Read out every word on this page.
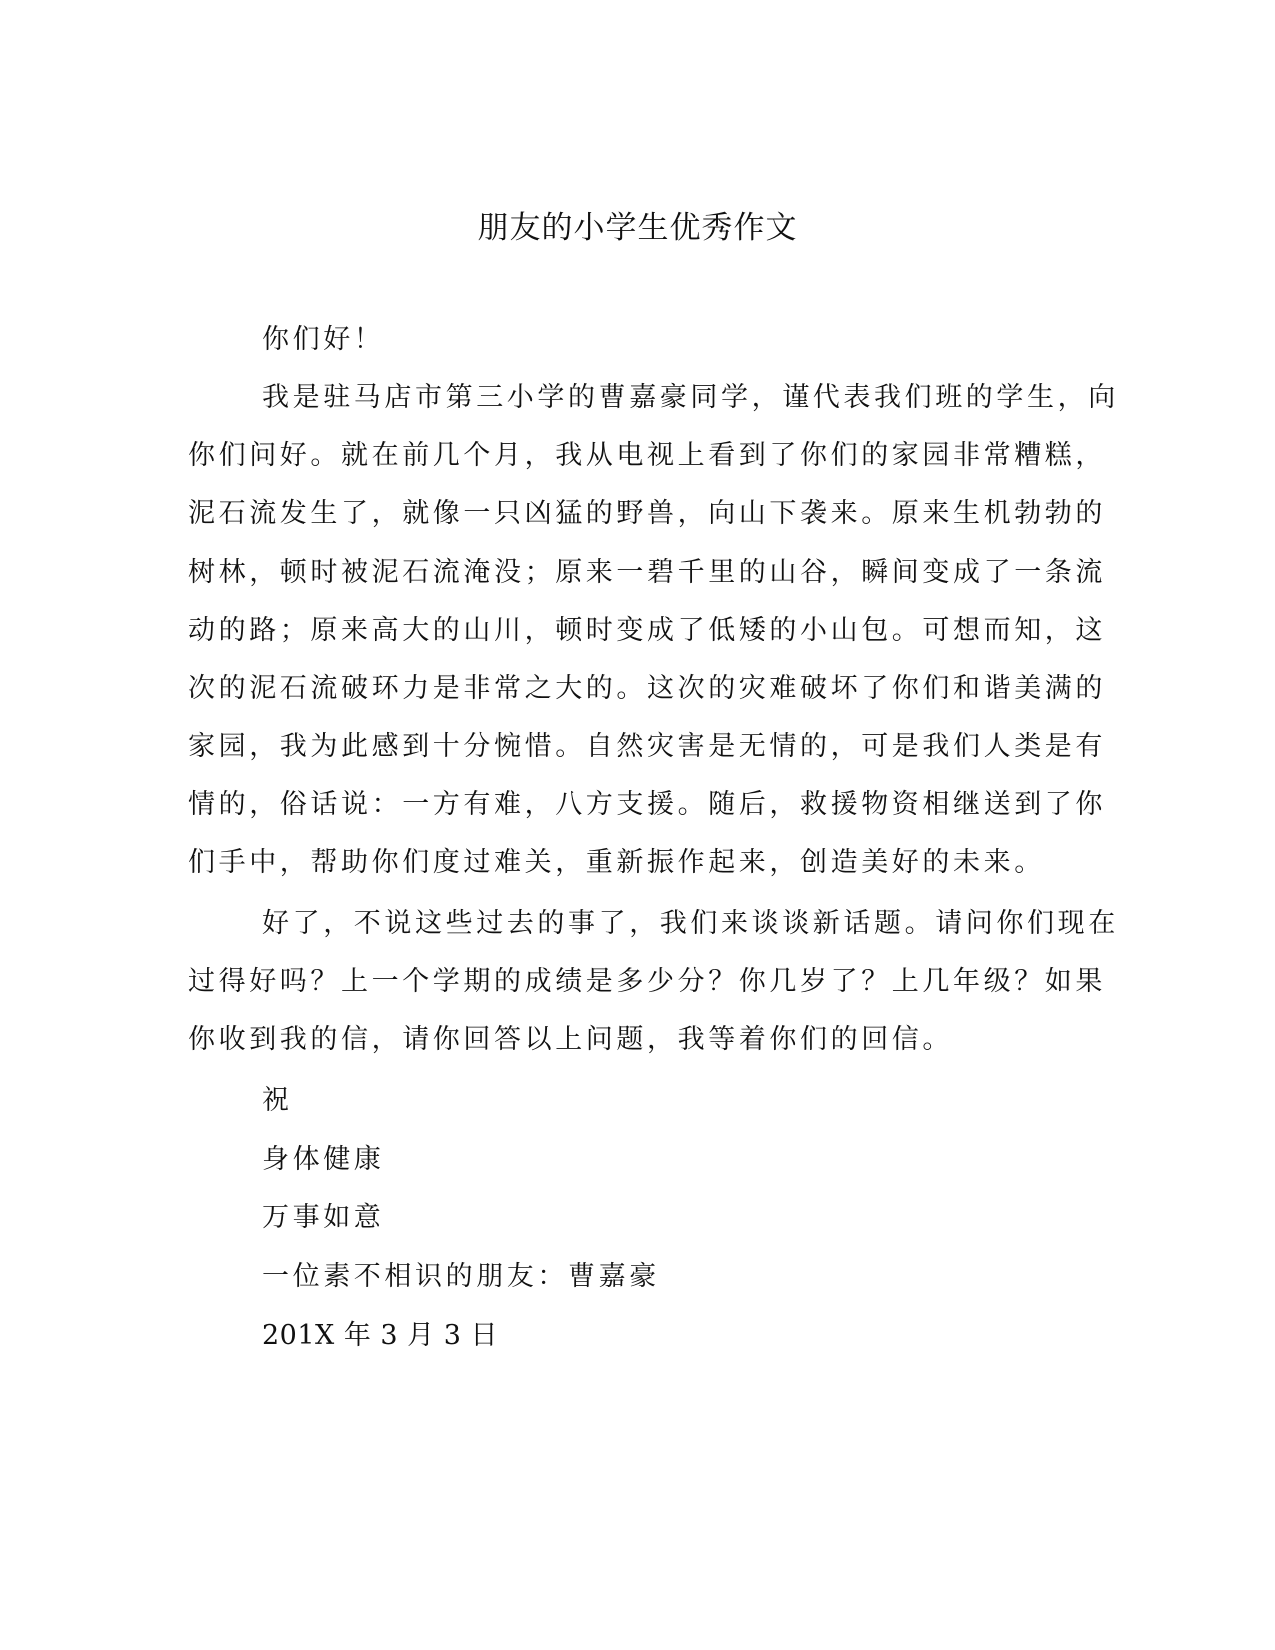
朋友的小学生优秀作文

你们好！

我是驻马店市第三小学的曹嘉豪同学，谨代表我们班的学生，向

你们问好。就在前几个月，我从电视上看到了你们的家园非常糟糕，

泥石流发生了，就像一只凶猛的野兽，向山下袭来。原来生机勃勃的

树林，顿时被泥石流淹没；原来一碧千里的山谷，瞬间变成了一条流

动的路；原来高大的山川，顿时变成了低矮的小山包。可想而知，这

次的泥石流破环力是非常之大的。这次的灾难破坏了你们和谐美满的

家园，我为此感到十分惋惜。自然灾害是无情的，可是我们人类是有

情的，俗话说：一方有难，八方支援。随后，救援物资相继送到了你

们手中，帮助你们度过难关，重新振作起来，创造美好的未来。

好了，不说这些过去的事了，我们来谈谈新话题。请问你们现在

过得好吗？上一个学期的成绩是多少分？你几岁了？上几年级？如果

你收到我的信，请你回答以上问题，我等着你们的回信。

祝

身体健康

万事如意

一位素不相识的朋友：曹嘉豪

201X 年 3 月 3 日
